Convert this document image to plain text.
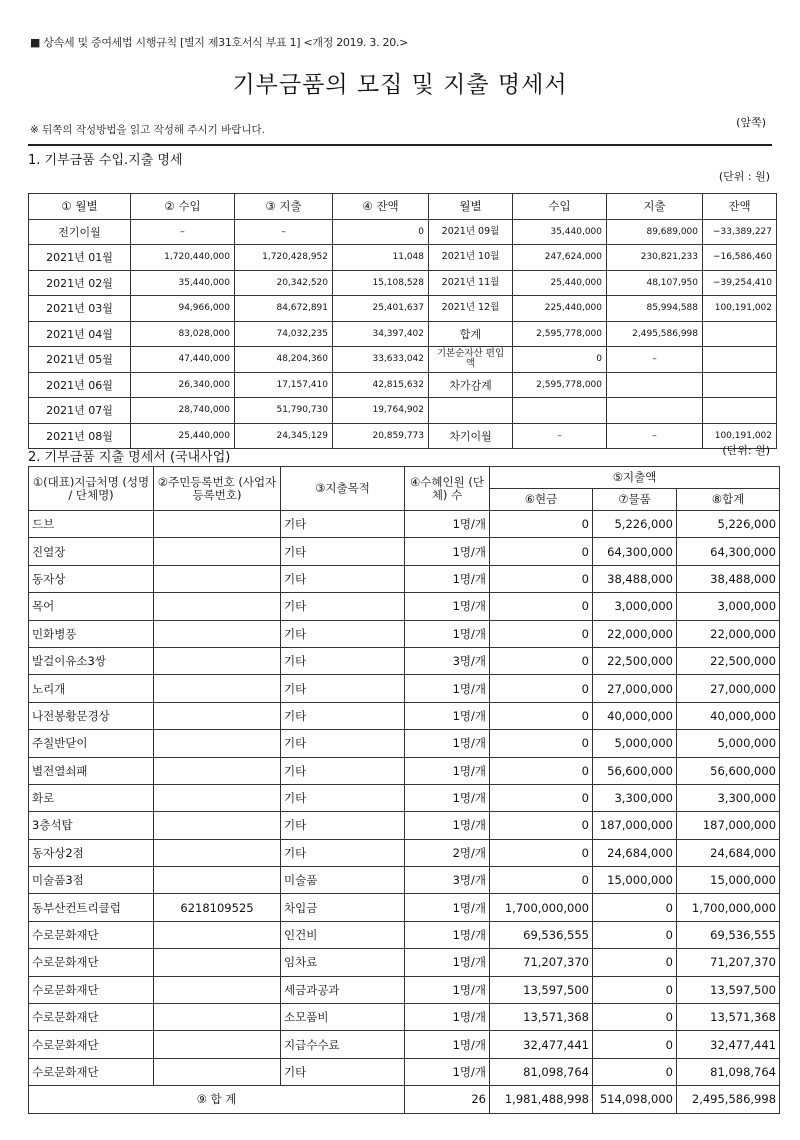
■ 상속세 및 증여세법 시행규칙 [별지 제31호서식 부표 1] <개정 2019. 3. 20.>
기부금품의 모집 및 지출 명세서
※ 뒤쪽의 작성방법을 읽고 작성해 주시기 바랍니다.
(앞쪽)
1. 기부금품 수입.지출 명세
(단위 : 원)
① 월별	② 수입	③ 지출	④ 잔액	월별	수입	지출	잔액
전기이월	–	–	0	2021년 09월	35,440,000	89,689,000	−33,389,227
2021년 01월	1,720,440,000	1,720,428,952	11,048	2021년 10월	247,624,000	230,821,233	−16,586,460
2021년 02월	35,440,000	20,342,520	15,108,528	2021년 11월	25,440,000	48,107,950	−39,254,410
2021년 03월	94,966,000	84,672,891	25,401,637	2021년 12월	225,440,000	85,994,588	100,191,002
2021년 04월	83,028,000	74,032,235	34,397,402	합계	2,595,778,000	2,495,586,998	
2021년 05월	47,440,000	48,204,360	33,633,042	기본순자산 편입액	0	–	
2021년 06월	26,340,000	17,157,410	42,815,632	차가감계	2,595,778,000		
2021년 07월	28,740,000	51,790,730	19,764,902				
2021년 08월	25,440,000	24,345,129	20,859,773	차기이월	–	–	100,191,002
2. 기부금품 지출 명세서 (국내사업)	(단위: 원)
①(대표)지급처명 (성명 / 단체명)	②주민등록번호 (사업자등록번호)	③지출목적	④수혜인원 (단체) 수	⑤지출액		
				⑥현금	⑦물품	⑧합계
드브		기타	1명/개	0	5,226,000	5,226,000
진열장		기타	1명/개	0	64,300,000	64,300,000
동자상		기타	1명/개	0	38,488,000	38,488,000
목어		기타	1명/개	0	3,000,000	3,000,000
민화병풍		기타	1명/개	0	22,000,000	22,000,000
발걸이유소3쌍		기타	3명/개	0	22,500,000	22,500,000
노리개		기타	1명/개	0	27,000,000	27,000,000
나전봉황문경상		기타	1명/개	0	40,000,000	40,000,000
주칠반닫이		기타	1명/개	0	5,000,000	5,000,000
별전열쇠패		기타	1명/개	0	56,600,000	56,600,000
화로		기타	1명/개	0	3,300,000	3,300,000
3층석탑		기타	1명/개	0	187,000,000	187,000,000
동자상2점		기타	2명/개	0	24,684,000	24,684,000
미술품3점		미술품	3명/개	0	15,000,000	15,000,000
동부산컨트리클럽	6218109525	차입금	1명/개	1,700,000,000	0	1,700,000,000
수로문화재단		인건비	1명/개	69,536,555	0	69,536,555
수로문화재단		임차료	1명/개	71,207,370	0	71,207,370
수로문화재단		세금과공과	1명/개	13,597,500	0	13,597,500
수로문화재단		소모품비	1명/개	13,571,368	0	13,571,368
수로문화재단		지급수수료	1명/개	32,477,441	0	32,477,441
수로문화재단		기타	1명/개	81,098,764	0	81,098,764
⑨ 합 계			26	1,981,488,998	514,098,000	2,495,586,998
